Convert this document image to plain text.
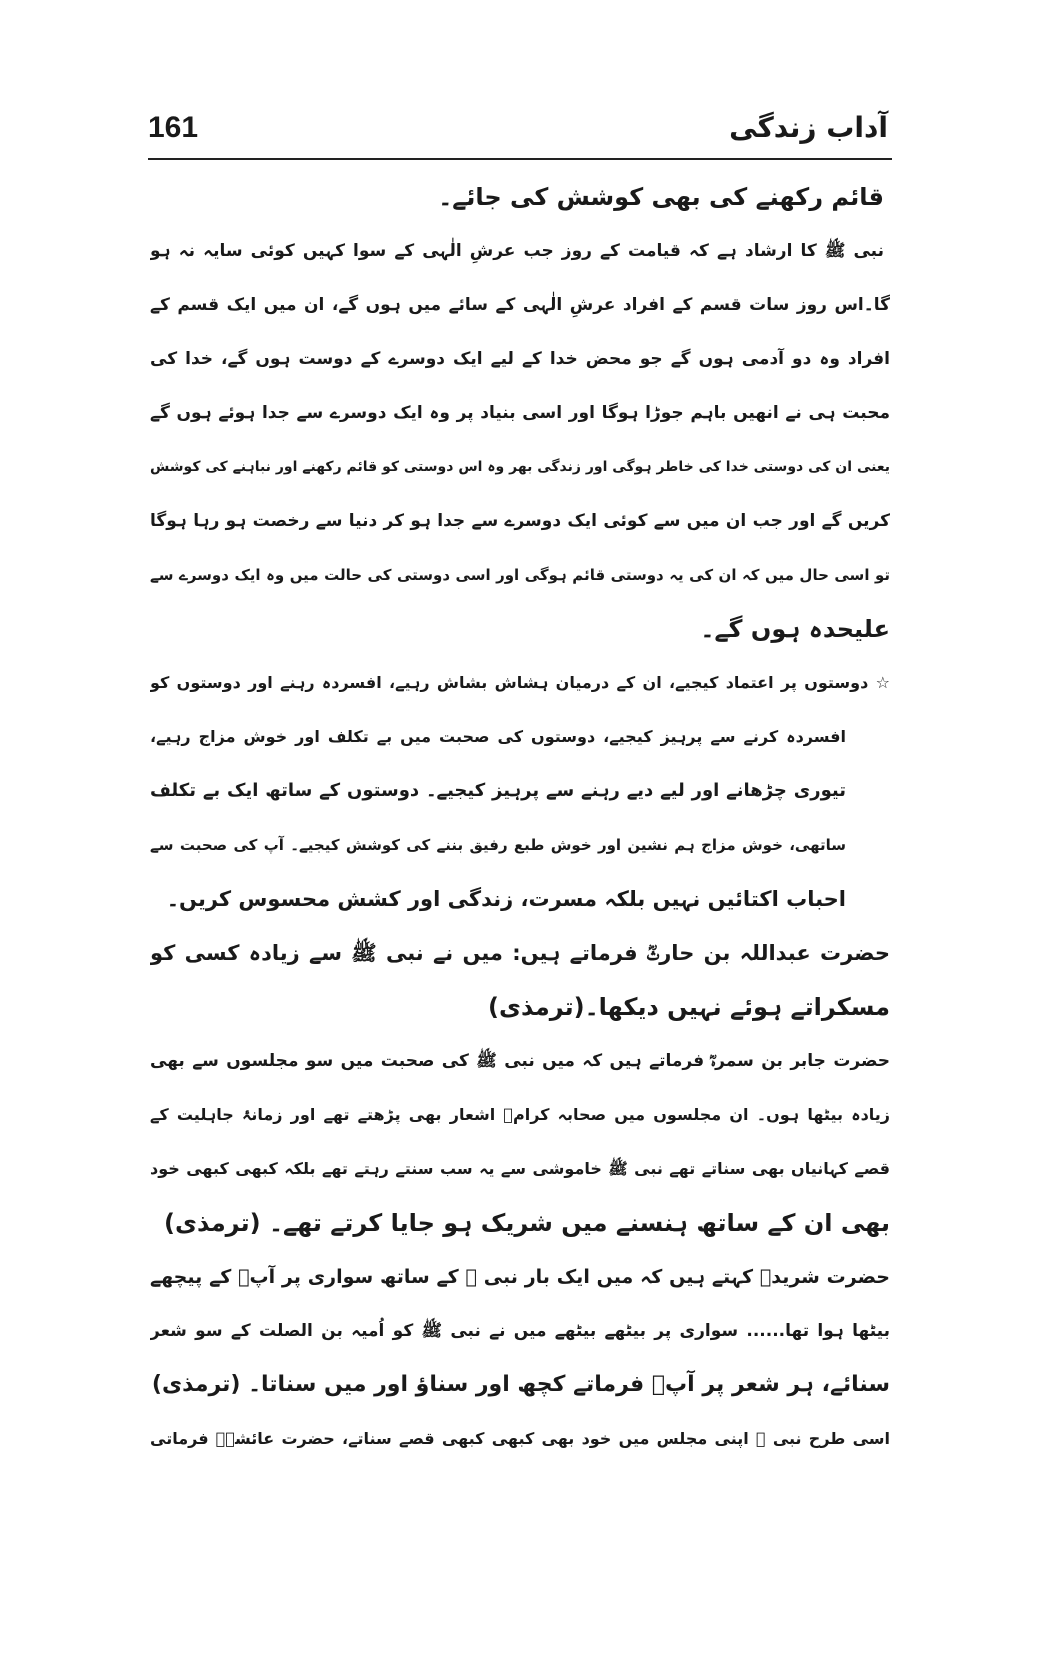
161	آداب زندگی
قائم رکھنے کی بھی کوشش کی جائے۔
نبی ﷺ کا ارشاد ہے کہ قیامت کے روز جب عرشِ الٰہی کے سوا کہیں کوئی سایہ نہ ہو
گا۔اس روز سات قسم کے افراد عرشِ الٰہی کے سائے میں ہوں گے، ان میں ایک قسم کے
افراد وہ دو آدمی ہوں گے جو محض خدا کے لیے ایک دوسرے کے دوست ہوں گے، خدا کی
محبت ہی نے انھیں باہم جوڑا ہوگا اور اسی بنیاد پر وہ ایک دوسرے سے جدا ہوئے ہوں گے
یعنی ان کی دوستی خدا کی خاطر ہوگی اور زندگی بھر وہ اس دوستی کو قائم رکھنے اور نباہنے کی کوشش
کریں گے اور جب ان میں سے کوئی ایک دوسرے سے جدا ہو کر دنیا سے رخصت ہو رہا ہوگا
تو اسی حال میں کہ ان کی یہ دوستی قائم ہوگی اور اسی دوستی کی حالت میں وہ ایک دوسرے سے
علیحدہ ہوں گے۔
☆ دوستوں پر اعتماد کیجیے، ان کے درمیان ہشاش بشاش رہیے، افسردہ رہنے اور دوستوں کو
افسردہ کرنے سے پرہیز کیجیے، دوستوں کی صحبت میں بے تکلف اور خوش مزاج رہیے،
تیوری چڑھانے اور لیے دیے رہنے سے پرہیز کیجیے۔ دوستوں کے ساتھ ایک بے تکلف
ساتھی، خوش مزاج ہم نشین اور خوش طبع رفیق بننے کی کوشش کیجیے۔ آپ کی صحبت سے
احباب اکتائیں نہیں بلکہ مسرت، زندگی اور کشش محسوس کریں۔
حضرت عبداللہ بن حارثؓ فرماتے ہیں: میں نے نبی ﷺ سے زیادہ کسی کو
مسکراتے ہوئے نہیں دیکھا۔(ترمذی)
حضرت جابر بن سمرہؓ فرماتے ہیں کہ میں نبی ﷺ کی صحبت میں سو مجلسوں سے بھی
زیادہ بیٹھا ہوں۔ ان مجلسوں میں صحابہ کرامؓ اشعار بھی پڑھتے تھے اور زمانۂ جاہلیت کے
قصے کہانیاں بھی سناتے تھے نبی ﷺ خاموشی سے یہ سب سنتے رہتے تھے بلکہ کبھی کبھی خود
بھی ان کے ساتھ ہنسنے میں شریک ہو جایا کرتے تھے۔ (ترمذی)
حضرت شریدؓ کہتے ہیں کہ میں ایک بار نبی ﷺ کے ساتھ سواری پر آپؐ کے پیچھے
بیٹھا ہوا تھا...... سواری پر بیٹھے بیٹھے میں نے نبی ﷺ کو اُمیہ بن الصلت کے سو شعر
سنائے، ہر شعر پر آپؐ فرماتے کچھ اور سناؤ اور میں سناتا۔ (ترمذی)
اسی طرح نبی ﷺ اپنی مجلس میں خود بھی کبھی کبھی قصے سناتے، حضرت عائشہؓ فرماتی
